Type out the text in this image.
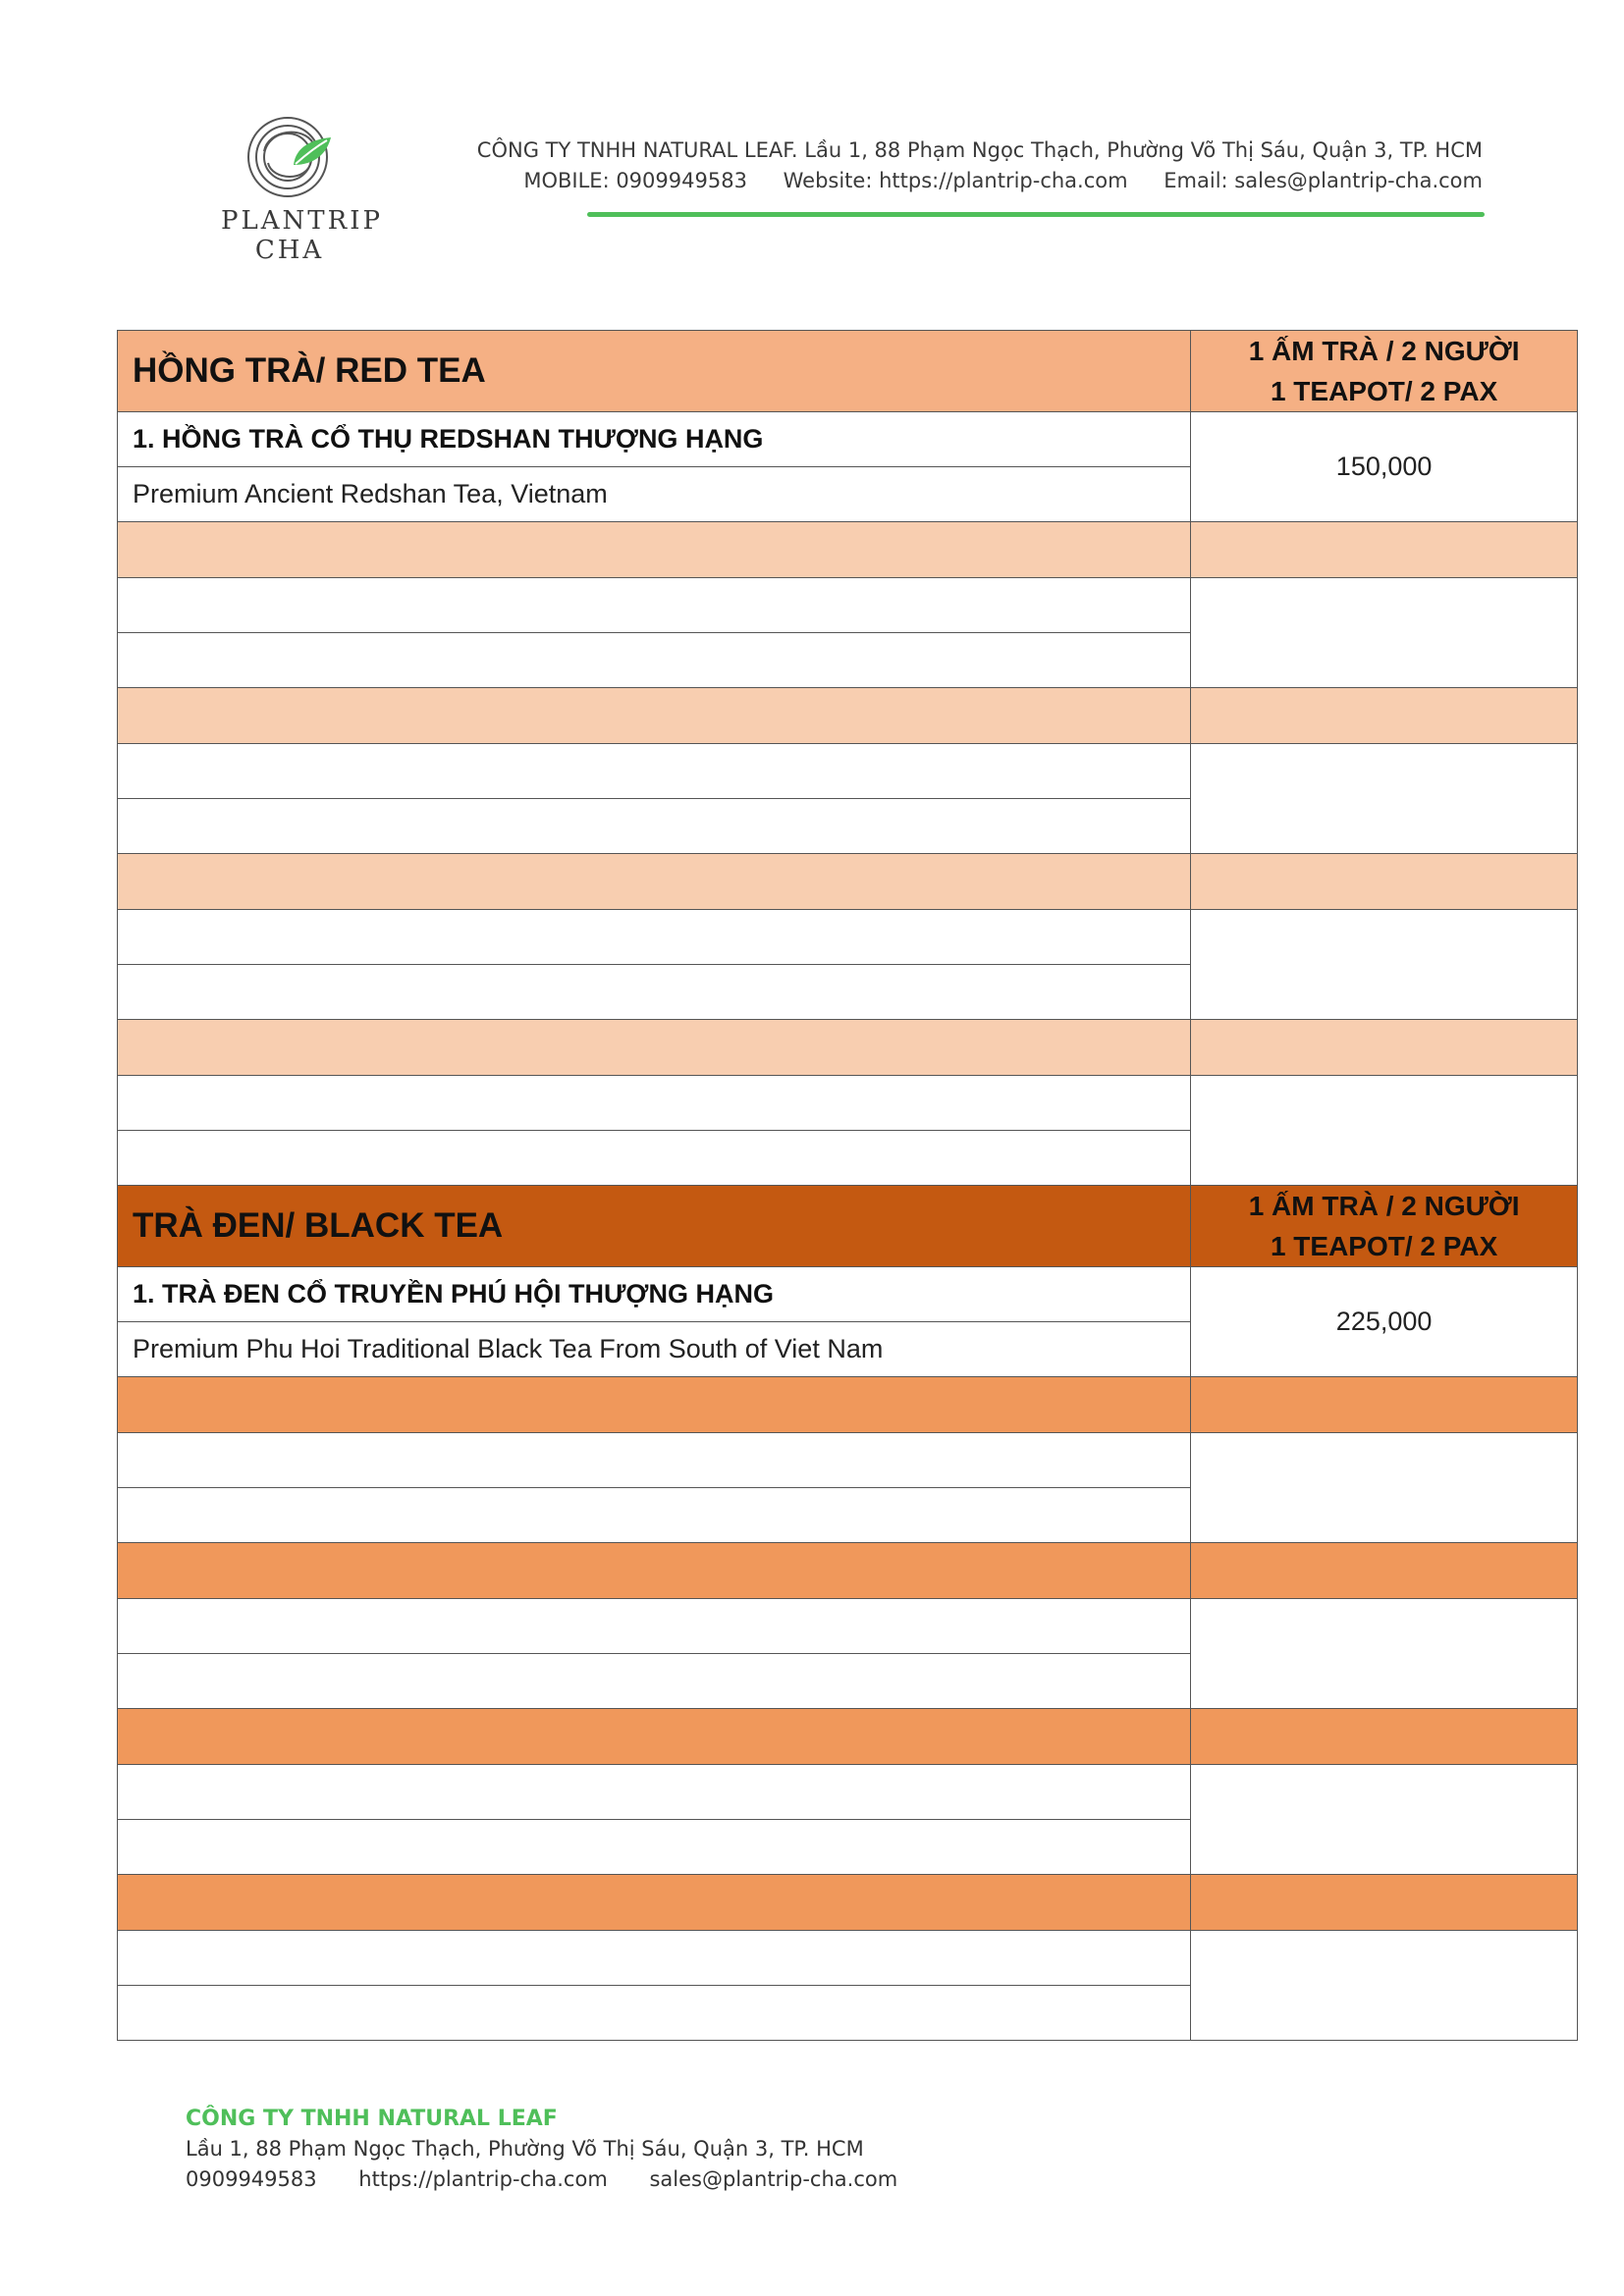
PLANTRIP
CHA
CÔNG TY TNHH NATURAL LEAF. Lầu 1, 88 Phạm Ngọc Thạch, Phường Võ Thị Sáu, Quận 3, TP. HCM
MOBILE: 0909949583 Website: https://plantrip-cha.com Email: sales@plantrip-cha.com
HỒNG TRÀ/ RED TEA	1 ẤM TRÀ / 2 NGƯỜI
1 TEAPOT/ 2 PAX

1. HỒNG TRÀ CỔ THỤ REDSHAN THƯỢNG HẠNG	150,000
Premium Ancient Redshan Tea, Vietnam	

TRÀ ĐEN/ BLACK TEA	1 ẤM TRÀ / 2 NGƯỜI
1 TEAPOT/ 2 PAX

1. TRÀ ĐEN CỔ TRUYỀN PHÚ HỘI THƯỢNG HẠNG	225,000
Premium Phu Hoi Traditional Black Tea From South of Viet Nam	

CÔNG TY TNHH NATURAL LEAF
Lầu 1, 88 Phạm Ngọc Thạch, Phường Võ Thị Sáu, Quận 3, TP. HCM
0909949583 https://plantrip-cha.com sales@plantrip-cha.com
